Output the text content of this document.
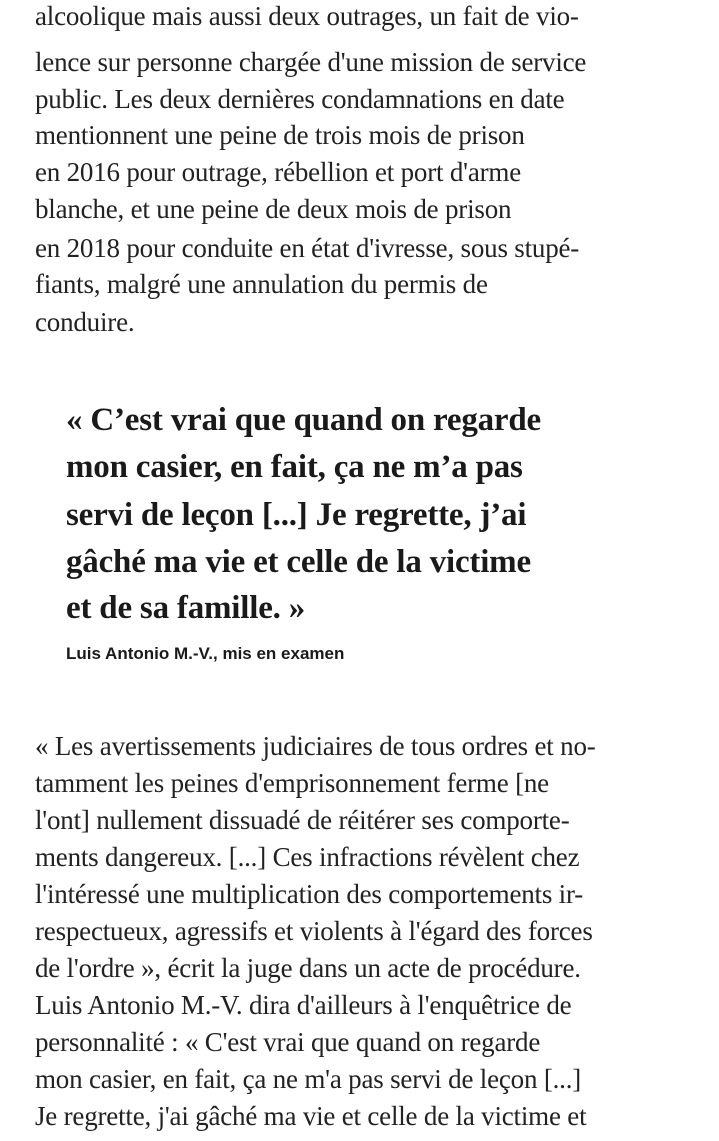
alcoolique mais aussi deux outrages, un fait de vio-
lence sur personne chargée d'une mission de service
public. Les deux dernières condamnations en date
mentionnent une peine de trois mois de prison
en 2016 pour outrage, rébellion et port d'arme
blanche, et une peine de deux mois de prison
en 2018 pour conduite en état d'ivresse, sous stupé-
fiants, malgré une annulation du permis de
conduire.
« C’est vrai que quand on regarde
mon casier, en fait, ça ne m’a pas
servi de leçon [...] Je regrette, j’ai
gâché ma vie et celle de la victime
et de sa famille. »
Luis Antonio M.-V., mis en examen
« Les avertissements judiciaires de tous ordres et no-
tamment les peines d'emprisonnement ferme [ne
l'ont] nullement dissuadé de réitérer ses comporte-
ments dangereux. [...] Ces infractions révèlent chez
l'intéressé une multiplication des comportements ir-
respectueux, agressifs et violents à l'égard des forces
de l'ordre », écrit la juge dans un acte de procédure.
Luis Antonio M.-V. dira d'ailleurs à l'enquêtrice de
personnalité : « C'est vrai que quand on regarde
mon casier, en fait, ça ne m'a pas servi de leçon [...]
Je regrette, j'ai gâché ma vie et celle de la victime et
